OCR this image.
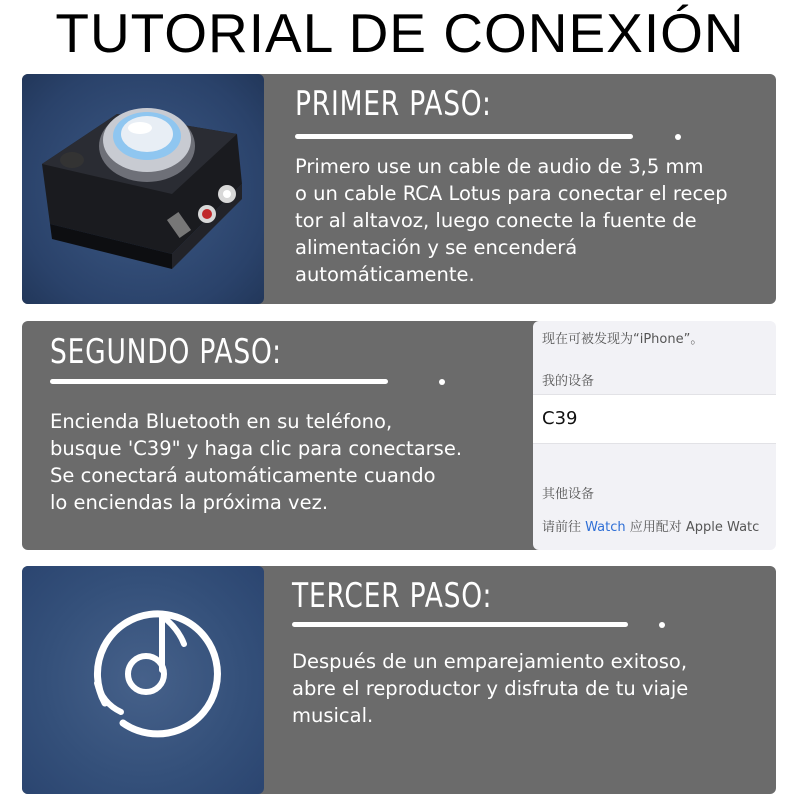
TUTORIAL DE CONEXIÓN
PRIMER PASO:
Primero use un cable de audio de 3,5 mm
o un cable RCA Lotus para conectar el recep
tor al altavoz, luego conecte la fuente de
alimentación y se encenderá
automáticamente.
SEGUNDO PASO:
Encienda Bluetooth en su teléfono,
busque 'C39" y haga clic para conectarse.
Se conectará automáticamente cuando
lo enciendas la próxima vez.
现在可被发现为“iPhone”。
我的设备
C39
其他设备
请前往 Watch 应用配对 Apple Watc
TERCER PASO:
Después de un emparejamiento exitoso,
abre el reproductor y disfruta de tu viaje
musical.
